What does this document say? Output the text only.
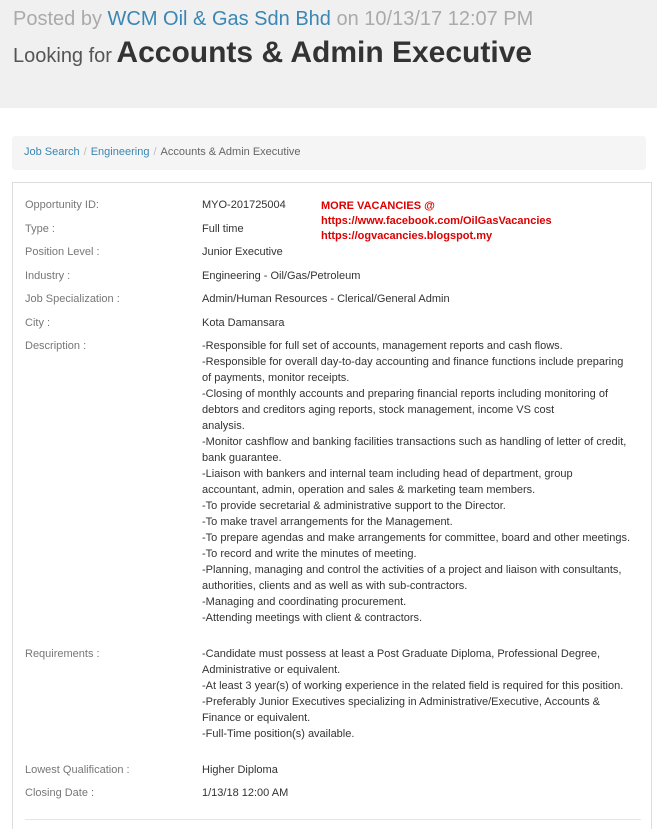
Posted by WCM Oil & Gas Sdn Bhd on 10/13/17 12:07 PM
Looking for Accounts & Admin Executive
Job Search / Engineering / Accounts & Admin Executive
MORE VACANCIES @
https://www.facebook.com/OilGasVacancies
https://ogvacancies.blogspot.my
Opportunity ID:	MYO-201725004
Type :	Full time
Position Level :	Junior Executive
Industry :	Engineering - Oil/Gas/Petroleum
Job Specialization :	Admin/Human Resources - Clerical/General Admin
City :	Kota Damansara
Description :	-Responsible for full set of accounts, management reports and cash flows.
-Responsible for overall day-to-day accounting and finance functions include preparing
of payments, monitor receipts.
-Closing of monthly accounts and preparing financial reports including monitoring of
debtors and creditors aging reports, stock management, income VS cost
analysis.
-Monitor cashflow and banking facilities transactions such as handling of letter of credit,
bank guarantee.
-Liaison with bankers and internal team including head of department, group
accountant, admin, operation and sales & marketing team members.
-To provide secretarial & administrative support to the Director.
-To make travel arrangements for the Management.
-To prepare agendas and make arrangements for committee, board and other meetings.
-To record and write the minutes of meeting.
-Planning, managing and control the activities of a project and liaison with consultants,
authorities, clients and as well as with sub-contractors.
-Managing and coordinating procurement.
-Attending meetings with client & contractors.
Requirements :	-Candidate must possess at least a Post Graduate Diploma, Professional Degree,
Administrative or equivalent.
-At least 3 year(s) of working experience in the related field is required for this position.
-Preferably Junior Executives specializing in Administrative/Executive, Accounts &
Finance or equivalent.
-Full-Time position(s) available.
Lowest Qualification :	Higher Diploma
Closing Date :	1/13/18 12:00 AM
